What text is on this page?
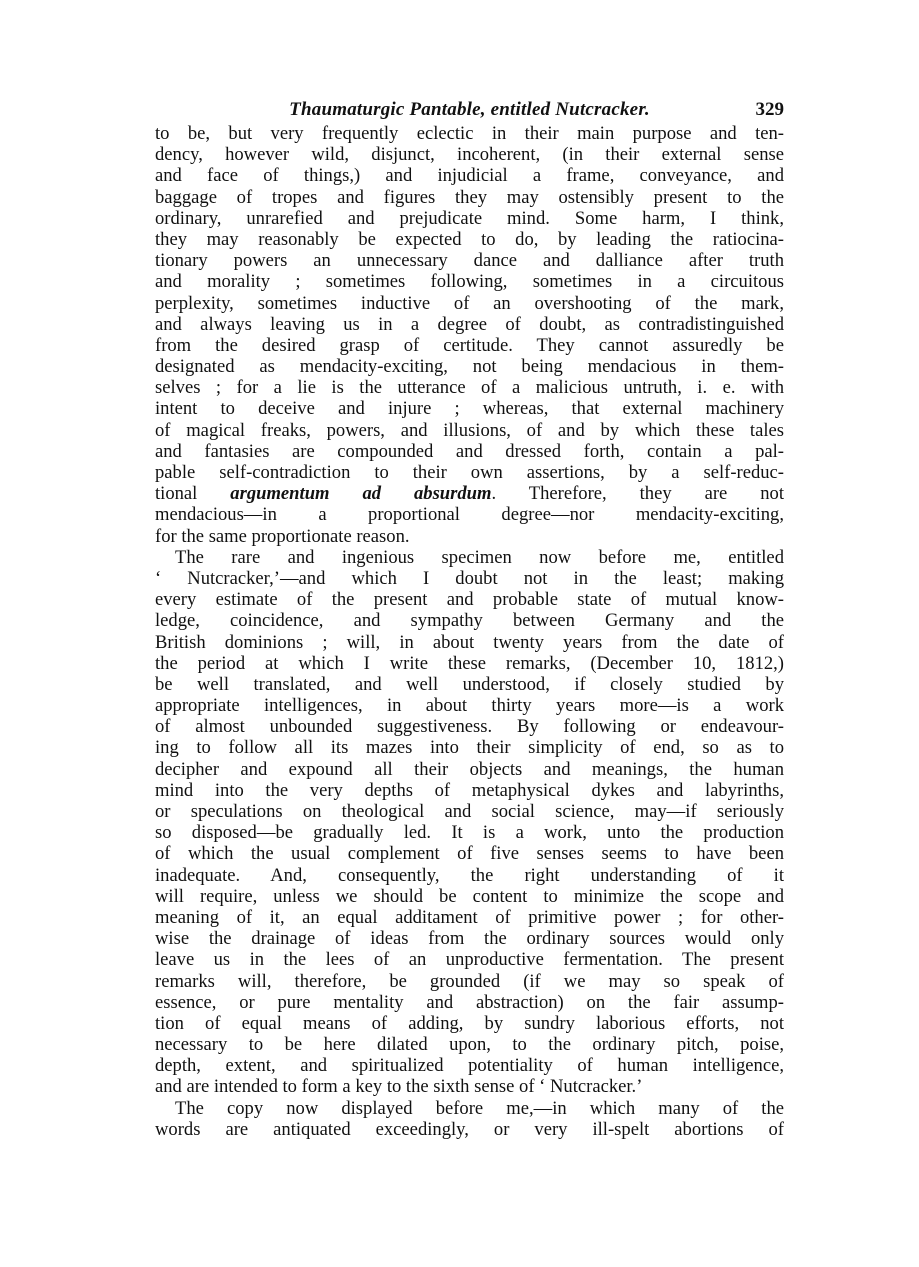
Thaumaturgic Pantable, entitled Nutcracker.	329
to be, but very frequently eclectic in their main purpose and ten-
dency, however wild, disjunct, incoherent, (in their external sense
and face of things,) and injudicial a frame, conveyance, and
baggage of tropes and figures they may ostensibly present to the
ordinary, unrarefied and prejudicate mind. Some harm, I think,
they may reasonably be expected to do, by leading the ratiocina-
tionary powers an unnecessary dance and dalliance after truth
and morality ; sometimes following, sometimes in a circuitous
perplexity, sometimes inductive of an overshooting of the mark,
and always leaving us in a degree of doubt, as contradistinguished
from the desired grasp of certitude. They cannot assuredly be
designated as mendacity-exciting, not being mendacious in them-
selves ; for a lie is the utterance of a malicious untruth, i. e. with
intent to deceive and injure ; whereas, that external machinery
of magical freaks, powers, and illusions, of and by which these tales
and fantasies are compounded and dressed forth, contain a pal-
pable self-contradiction to their own assertions, by a self-reduc-
tional argumentum ad absurdum. Therefore, they are not
mendacious—in a proportional degree—nor mendacity-exciting,
for the same proportionate reason.
The rare and ingenious specimen now before me, entitled
‘ Nutcracker,’—and which I doubt not in the least; making
every estimate of the present and probable state of mutual know-
ledge, coincidence, and sympathy between Germany and the
British dominions ; will, in about twenty years from the date of
the period at which I write these remarks, (December 10, 1812,)
be well translated, and well understood, if closely studied by
appropriate intelligences, in about thirty years more—is a work
of almost unbounded suggestiveness. By following or endeavour-
ing to follow all its mazes into their simplicity of end, so as to
decipher and expound all their objects and meanings, the human
mind into the very depths of metaphysical dykes and labyrinths,
or speculations on theological and social science, may—if seriously
so disposed—be gradually led. It is a work, unto the production
of which the usual complement of five senses seems to have been
inadequate. And, consequently, the right understanding of it
will require, unless we should be content to minimize the scope and
meaning of it, an equal additament of primitive power ; for other-
wise the drainage of ideas from the ordinary sources would only
leave us in the lees of an unproductive fermentation. The present
remarks will, therefore, be grounded (if we may so speak of
essence, or pure mentality and abstraction) on the fair assump-
tion of equal means of adding, by sundry laborious efforts, not
necessary to be here dilated upon, to the ordinary pitch, poise,
depth, extent, and spiritualized potentiality of human intelligence,
and are intended to form a key to the sixth sense of ‘ Nutcracker.’
The copy now displayed before me,—in which many of the
words are antiquated exceedingly, or very ill-spelt abortions of
